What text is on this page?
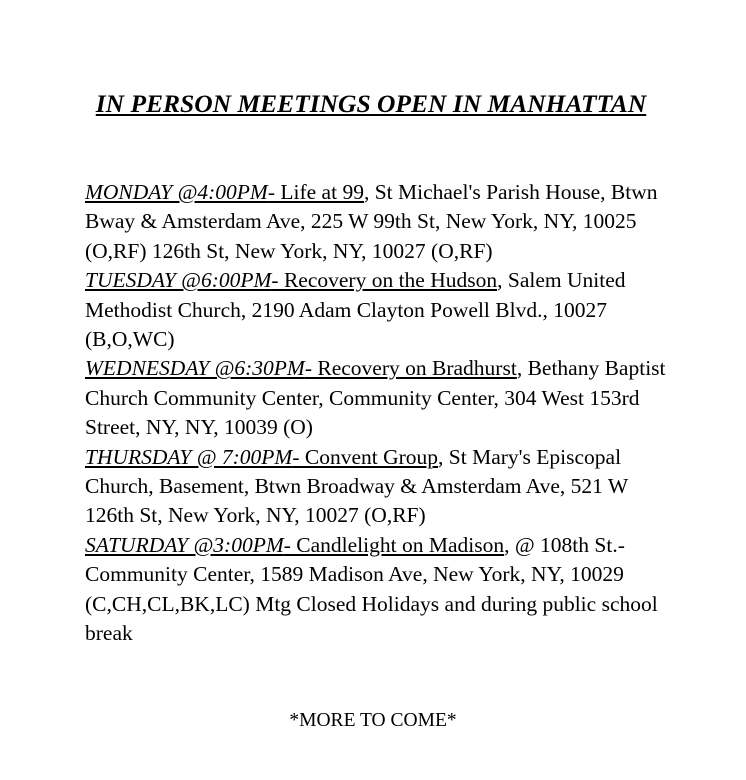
IN PERSON MEETINGS OPEN IN MANHATTAN

MONDAY @4:00PM- Life at 99, St Michael's Parish House, Btwn Bway & Amsterdam Ave, 225 W 99th St, New York, NY, 10025 (O,RF) 126th St, New York, NY, 10027 (O,RF)

TUESDAY @6:00PM- Recovery on the Hudson, Salem United Methodist Church, 2190 Adam Clayton Powell Blvd., 10027 (B,O,WC)

WEDNESDAY @6:30PM- Recovery on Bradhurst, Bethany Baptist Church Community Center, Community Center, 304 West 153rd Street, NY, NY, 10039 (O)

THURSDAY @ 7:00PM- Convent Group, St Mary's Episcopal Church, Basement, Btwn Broadway & Amsterdam Ave, 521 W 126th St, New York, NY, 10027 (O,RF)

SATURDAY @3:00PM- Candlelight on Madison, @ 108th St.-Community Center, 1589 Madison Ave, New York, NY, 10029 (C,CH,CL,BK,LC) Mtg Closed Holidays and during public school break

*MORE TO COME*
